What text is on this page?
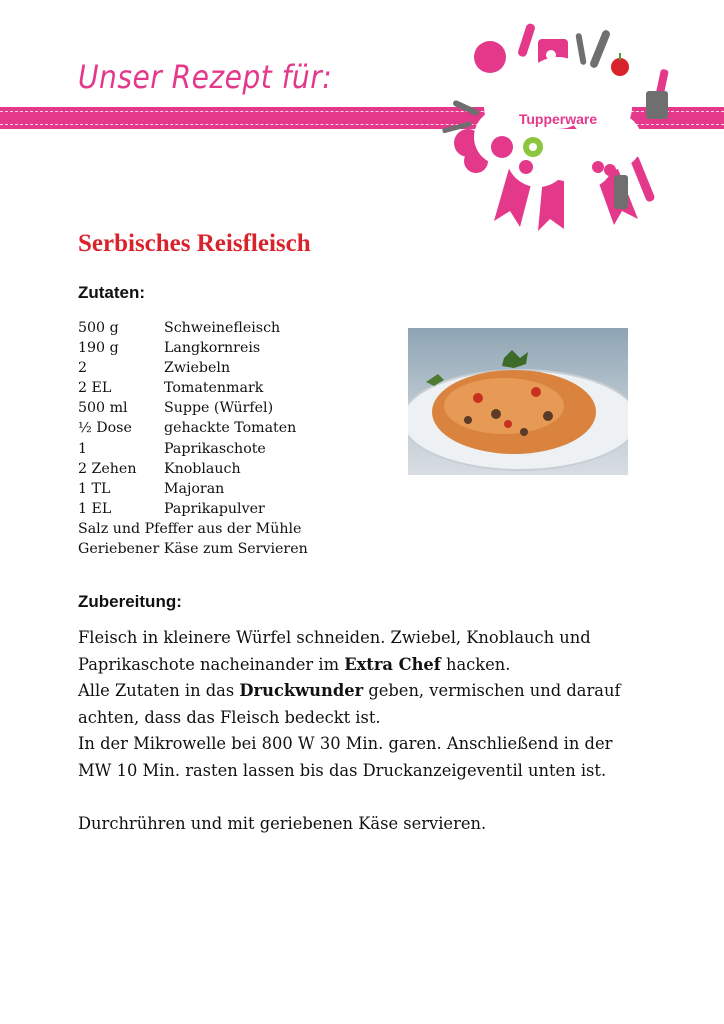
Unser Rezept für:
Tupperware
Serbisches Reisfleisch
Zutaten:
500 g	Schweinefleisch
190 g	Langkornreis
2	Zwiebeln
2 EL	Tomatenmark
500 ml	Suppe (Würfel)
½ Dose	gehackte Tomaten
1	Paprikaschote
2 Zehen	Knoblauch
1 TL	Majoran
1 EL	Paprikapulver
Salz und Pfeffer aus der Mühle
Geriebener Käse zum Servieren
Zubereitung:
Fleisch in kleinere Würfel schneiden. Zwiebel, Knoblauch und
Paprikaschote nacheinander im Extra Chef hacken.
Alle Zutaten in das Druckwunder geben, vermischen und darauf
achten, dass das Fleisch bedeckt ist.
In der Mikrowelle bei 800 W 30 Min. garen. Anschließend in der
MW 10 Min. rasten lassen bis das Druckanzeigeventil unten ist.
Durchrühren und mit geriebenen Käse servieren.
